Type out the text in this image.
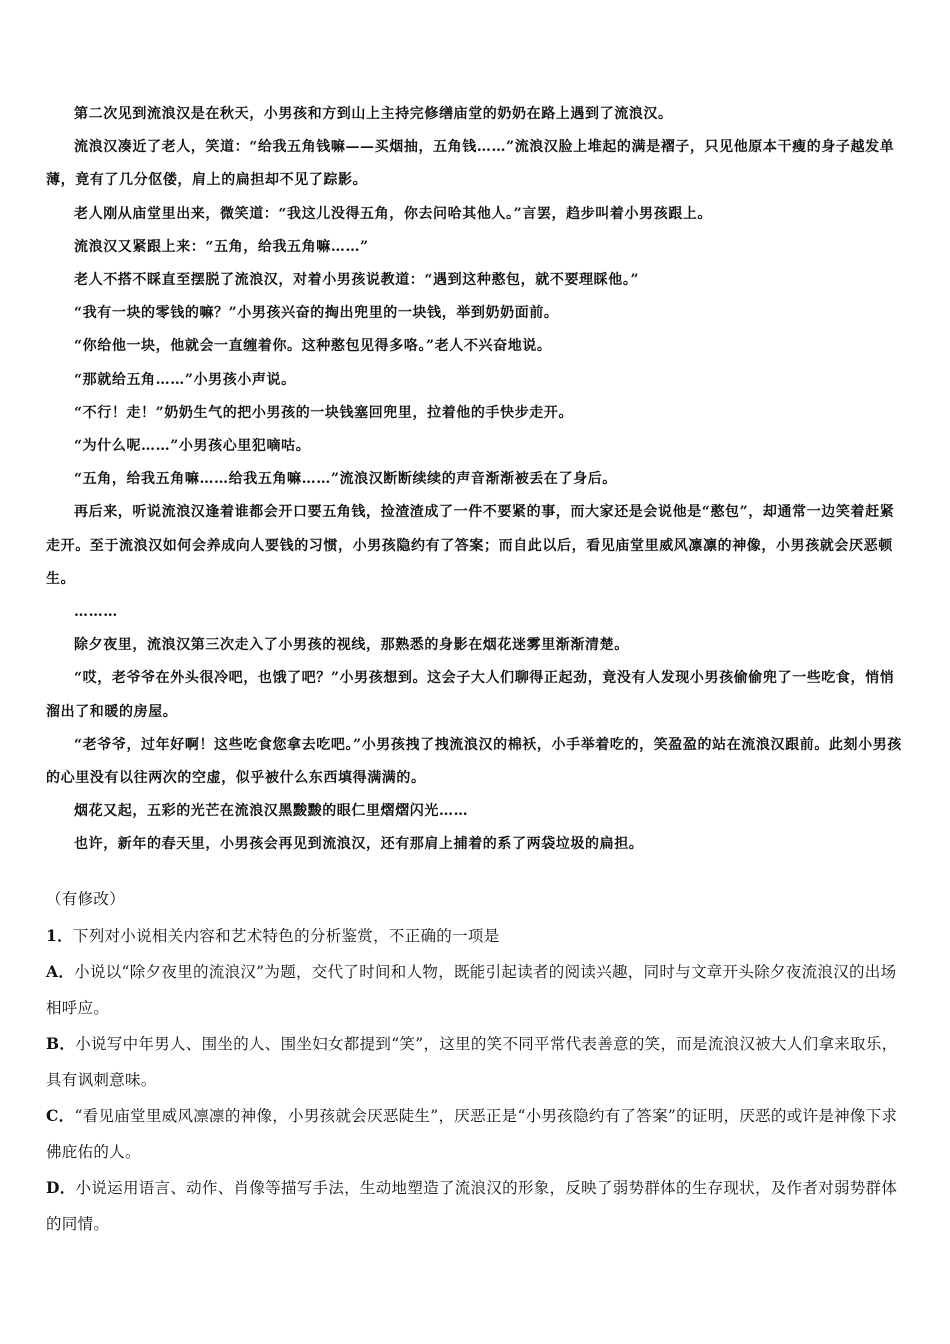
第二次见到流浪汉是在秋天，小男孩和方到山上主持完修缮庙堂的奶奶在路上遇到了流浪汉。

流浪汉凑近了老人，笑道：“给我五角钱嘛——买烟抽，五角钱……”流浪汉脸上堆起的满是褶子，只见他原本干瘦的身子越发单薄，竟有了几分伛偻，肩上的扁担却不见了踪影。

老人刚从庙堂里出来，微笑道：“我这儿没得五角，你去问哈其他人。”言罢，趋步叫着小男孩跟上。

流浪汉又紧跟上来：“五角，给我五角嘛……”

老人不搭不睬直至摆脱了流浪汉，对着小男孩说教道：“遇到这种憨包，就不要理睬他。”

“我有一块的零钱的嘛？”小男孩兴奋的掏出兜里的一块钱，举到奶奶面前。

“你给他一块，他就会一直缠着你。这种憨包见得多咯。”老人不兴奋地说。

“那就给五角……”小男孩小声说。

“不行！走！”奶奶生气的把小男孩的一块钱塞回兜里，拉着他的手快步走开。

“为什么呢……”小男孩心里犯嘀咕。

“五角，给我五角嘛……给我五角嘛……”流浪汉断断续续的声音渐渐被丢在了身后。

再后来，听说流浪汉逢着谁都会开口要五角钱，捡渣渣成了一件不要紧的事，而大家还是会说他是“憨包”，却通常一边笑着赶紧走开。至于流浪汉如何会养成向人要钱的习惯，小男孩隐约有了答案；而自此以后，看见庙堂里威风凛凛的神像，小男孩就会厌恶顿生。

………

除夕夜里，流浪汉第三次走入了小男孩的视线，那熟悉的身影在烟花迷雾里渐渐清楚。

“哎，老爷爷在外头很冷吧，也饿了吧？”小男孩想到。这会子大人们聊得正起劲，竟没有人发现小男孩偷偷兜了一些吃食，悄悄溜出了和暖的房屋。

“老爷爷，过年好啊！这些吃食您拿去吃吧。”小男孩拽了拽流浪汉的棉袄，小手举着吃的，笑盈盈的站在流浪汉跟前。此刻小男孩的心里没有以往两次的空虚，似乎被什么东西填得满满的。

烟花又起，五彩的光芒在流浪汉黑黢黢的眼仁里熠熠闪光……

也许，新年的春天里，小男孩会再见到流浪汉，还有那肩上捕着的系了两袋垃圾的扁担。

（有修改）

1．下列对小说相关内容和艺术特色的分析鉴赏，不正确的一项是

A．小说以“除夕夜里的流浪汉”为题，交代了时间和人物，既能引起读者的阅读兴趣，同时与文章开头除夕夜流浪汉的出场相呼应。

B．小说写中年男人、围坐的人、围坐妇女都提到“笑”，这里的笑不同平常代表善意的笑，而是流浪汉被大人们拿来取乐，具有讽刺意味。

C．“看见庙堂里威风凛凛的神像，小男孩就会厌恶陡生”，厌恶正是“小男孩隐约有了答案”的证明，厌恶的或许是神像下求佛庇佑的人。

D．小说运用语言、动作、肖像等描写手法，生动地塑造了流浪汉的形象，反映了弱势群体的生存现状，及作者对弱势群体的同情。
